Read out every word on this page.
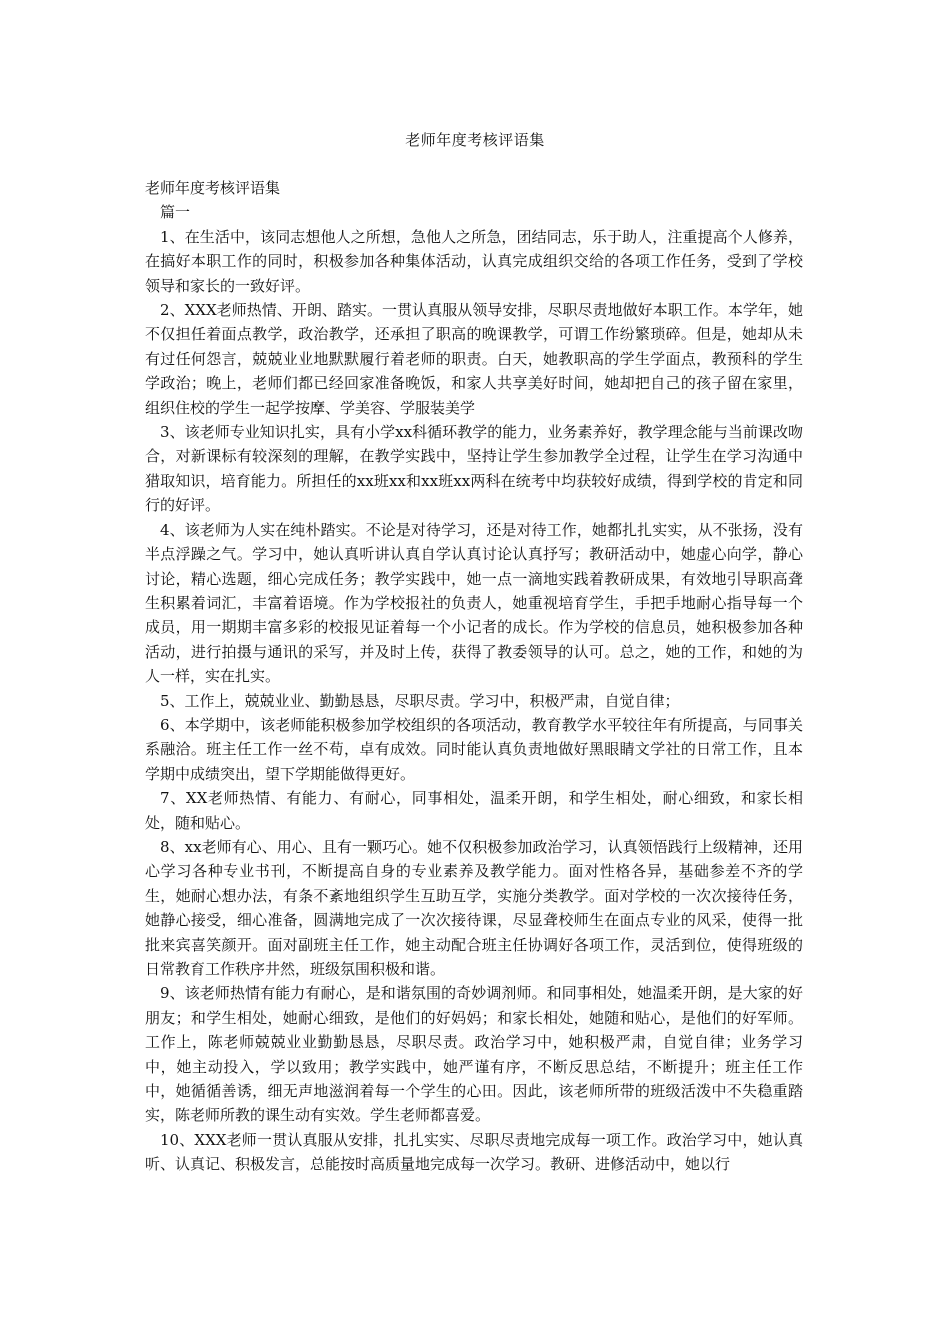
老师年度考核评语集

老师年度考核评语集

篇一

1、在生活中，该同志想他人之所想，急他人之所急，团结同志，乐于助人，注重提高个人修养，在搞好本职工作的同时，积极参加各种集体活动，认真完成组织交给的各项工作任务，受到了学校领导和家长的一致好评。

2、XXX老师热情、开朗、踏实。一贯认真服从领导安排，尽职尽责地做好本职工作。本学年，她不仅担任着面点教学，政治教学，还承担了职高的晚课教学，可谓工作纷繁琐碎。但是，她却从未有过任何怨言，兢兢业业地默默履行着老师的职责。白天，她教职高的学生学面点，教预科的学生学政治；晚上，老师们都已经回家准备晚饭，和家人共享美好时间，她却把自己的孩子留在家里，组织住校的学生一起学按摩、学美容、学服装美学

3、该老师专业知识扎实，具有小学xx科循环教学的能力，业务素养好，教学理念能与当前课改吻合，对新课标有较深刻的理解，在教学实践中，坚持让学生参加教学全过程，让学生在学习沟通中猎取知识，培育能力。所担任的xx班xx和xx班xx两科在统考中均获较好成绩，得到学校的肯定和同行的好评。

4、该老师为人实在纯朴踏实。不论是对待学习，还是对待工作，她都扎扎实实，从不张扬，没有半点浮躁之气。学习中，她认真听讲认真自学认真讨论认真抒写；教研活动中，她虚心向学，静心讨论，精心选题，细心完成任务；教学实践中，她一点一滴地实践着教研成果，有效地引导职高聋生积累着词汇，丰富着语境。作为学校报社的负责人，她重视培育学生，手把手地耐心指导每一个成员，用一期期丰富多彩的校报见证着每一个小记者的成长。作为学校的信息员，她积极参加各种活动，进行拍摄与通讯的采写，并及时上传，获得了教委领导的认可。总之，她的工作，和她的为人一样，实在扎实。

5、工作上，兢兢业业、勤勤恳恳，尽职尽责。学习中，积极严肃，自觉自律；

6、本学期中，该老师能积极参加学校组织的各项活动，教育教学水平较往年有所提高，与同事关系融洽。班主任工作一丝不苟，卓有成效。同时能认真负责地做好黑眼睛文学社的日常工作，且本学期中成绩突出，望下学期能做得更好。

7、XX老师热情、有能力、有耐心，同事相处，温柔开朗，和学生相处，耐心细致，和家长相处，随和贴心。

8、xx老师有心、用心、且有一颗巧心。她不仅积极参加政治学习，认真领悟践行上级精神，还用心学习各种专业书刊，不断提高自身的专业素养及教学能力。面对性格各异，基础参差不齐的学生，她耐心想办法，有条不紊地组织学生互助互学，实施分类教学。面对学校的一次次接待任务，她静心接受，细心准备，圆满地完成了一次次接待课，尽显聋校师生在面点专业的风采，使得一批批来宾喜笑颜开。面对副班主任工作，她主动配合班主任协调好各项工作，灵活到位，使得班级的日常教育工作秩序井然，班级氛围积极和谐。

9、该老师热情有能力有耐心，是和谐氛围的奇妙调剂师。和同事相处，她温柔开朗，是大家的好朋友；和学生相处，她耐心细致，是他们的好妈妈；和家长相处，她随和贴心，是他们的好军师。工作上，陈老师兢兢业业勤勤恳恳，尽职尽责。政治学习中，她积极严肃，自觉自律；业务学习中，她主动投入，学以致用；教学实践中，她严谨有序，不断反思总结，不断提升；班主任工作中，她循循善诱，细无声地滋润着每一个学生的心田。因此，该老师所带的班级活泼中不失稳重踏实，陈老师所教的课生动有实效。学生老师都喜爱。

10、XXX老师一贯认真服从安排，扎扎实实、尽职尽责地完成每一项工作。政治学习中，她认真听、认真记、积极发言，总能按时高质量地完成每一次学习。教研、进修活动中，她以行
